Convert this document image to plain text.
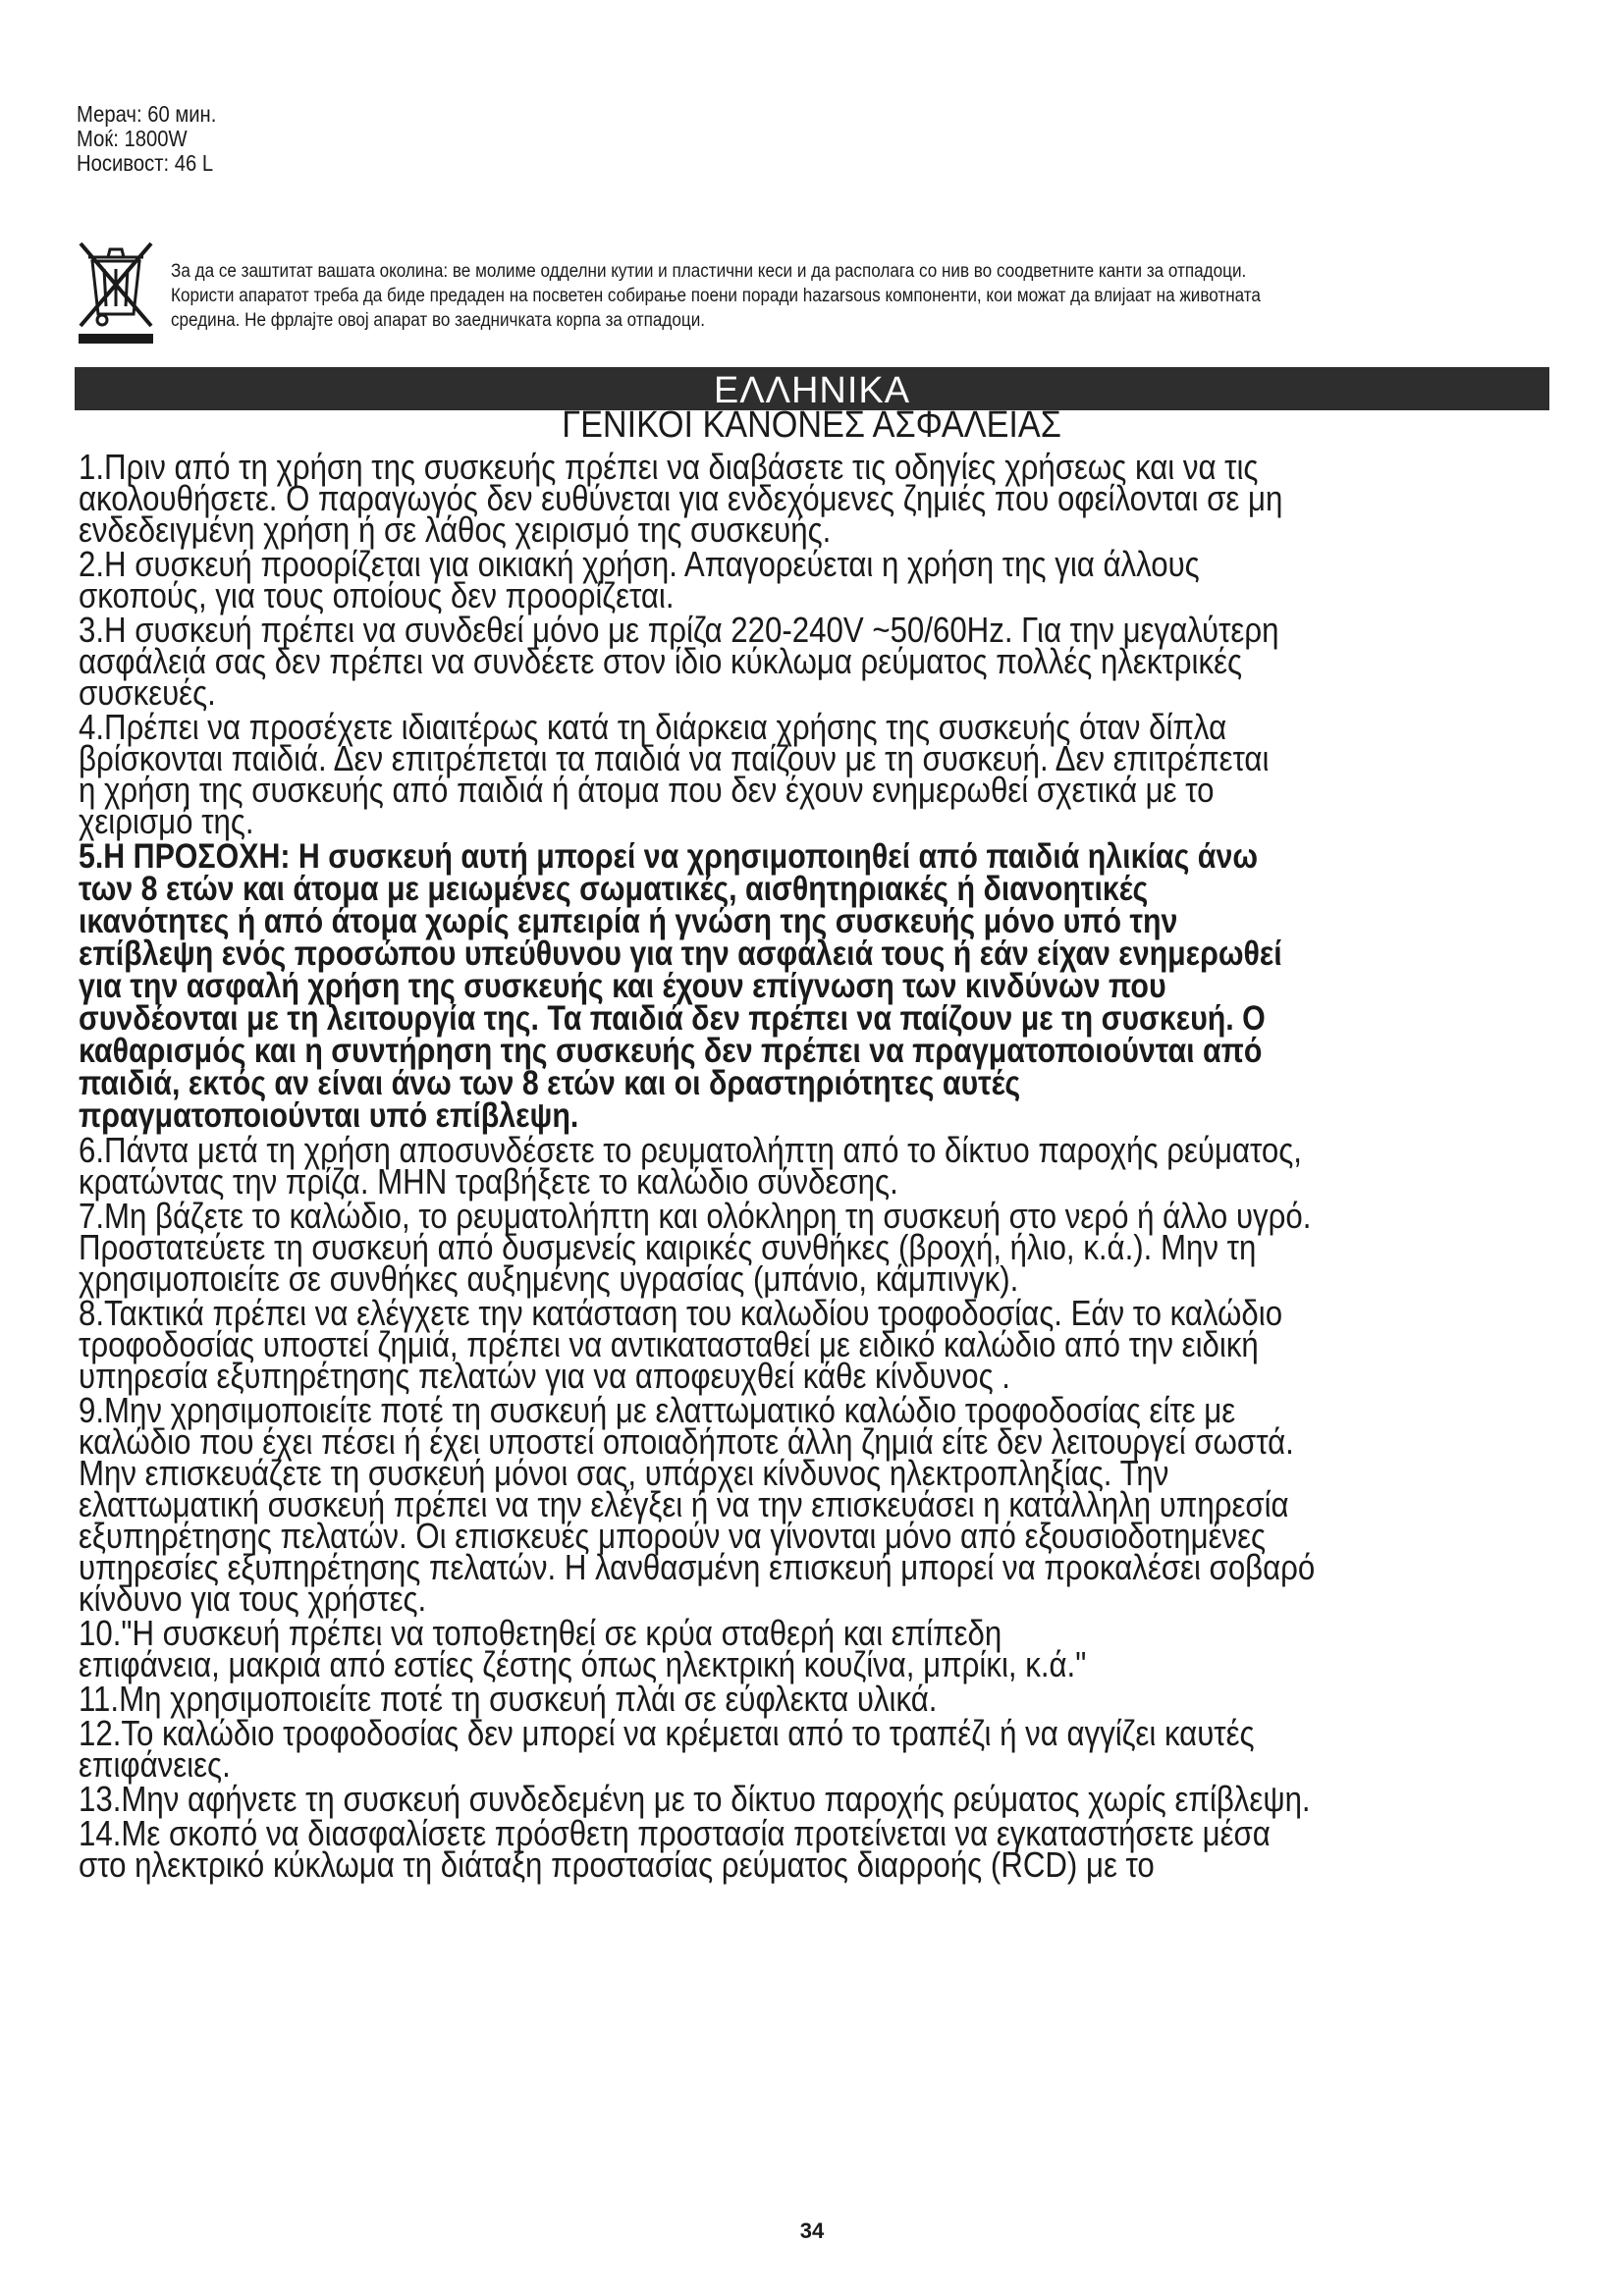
Мерач: 60 мин.
Моќ: 1800W
Носивост: 46 L
За да се заштитат вашата околина: ве молиме одделни кутии и пластични кеси и да располага со нив во соодветните канти за отпадоци.
Користи апаратот треба да биде предаден на посветен собирање поени поради hazarsous компоненти, кои можат да влијаат на животната
средина. Не фрлајте овој апарат во заедничката корпа за отпадоци.
ΕΛΛΗΝΙΚΑ
ΓΕΝΙΚΟΙ ΚΑΝΟΝΕΣ ΑΣΦΑΛΕΙΑΣ
1.Πριν από τη χρήση της συσκευής πρέπει να διαβάσετε τις οδηγίες χρήσεως και να τις
ακολουθήσετε. Ο παραγωγός δεν ευθύνεται για ενδεχόμενες ζημιές που οφείλονται σε μη
ενδεδειγμένη χρήση ή σε λάθος χειρισμό της συσκευής.
2.Η συσκευή προορίζεται για οικιακή χρήση. Απαγορεύεται η χρήση της για άλλους
σκοπούς, για τους οποίους δεν προορίζεται.
3.Η συσκευή πρέπει να συνδεθεί μόνο με πρίζα 220-240V ~50/60Hz. Για την μεγαλύτερη
ασφάλειά σας δεν πρέπει να συνδέετε στον ίδιο κύκλωμα ρεύματος πολλές ηλεκτρικές
συσκευές.
4.Πρέπει να προσέχετε ιδιαιτέρως κατά τη διάρκεια χρήσης της συσκευής όταν δίπλα
βρίσκονται παιδιά. Δεν επιτρέπεται τα παιδιά να παίζουν με τη συσκευή. Δεν επιτρέπεται
η χρήση της συσκευής από παιδιά ή άτομα που δεν έχουν ενημερωθεί σχετικά με το
χειρισμό της.
5.Η ΠΡΟΣΟΧΗ: Η συσκευή αυτή μπορεί να χρησιμοποιηθεί από παιδιά ηλικίας άνω
των 8 ετών και άτομα με μειωμένες σωματικές, αισθητηριακές ή διανοητικές
ικανότητες ή από άτομα χωρίς εμπειρία ή γνώση της συσκευής μόνο υπό την
επίβλεψη ενός προσώπου υπεύθυνου για την ασφάλειά τους ή εάν είχαν ενημερωθεί
για την ασφαλή χρήση της συσκευής και έχουν επίγνωση των κινδύνων που
συνδέονται με τη λειτουργία της. Τα παιδιά δεν πρέπει να παίζουν με τη συσκευή. Ο
καθαρισμός και η συντήρηση της συσκευής δεν πρέπει να πραγματοποιούνται από
παιδιά, εκτός αν είναι άνω των 8 ετών και οι δραστηριότητες αυτές
πραγματοποιούνται υπό επίβλεψη.
6.Πάντα μετά τη χρήση αποσυνδέσετε το ρευματολήπτη από το δίκτυο παροχής ρεύματος,
κρατώντας την πρίζα. ΜΗΝ τραβήξετε το καλώδιο σύνδεσης.
7.Μη βάζετε το καλώδιο, το ρευματολήπτη και ολόκληρη τη συσκευή στο νερό ή άλλο υγρό.
Προστατεύετε τη συσκευή από δυσμενείς καιρικές συνθήκες (βροχή, ήλιο, κ.ά.). Μην τη
χρησιμοποιείτε σε συνθήκες αυξημένης υγρασίας (μπάνιο, κάμπινγκ).
8.Τακτικά πρέπει να ελέγχετε την κατάσταση του καλωδίου τροφοδοσίας. Εάν το καλώδιο
τροφοδοσίας υποστεί ζημιά, πρέπει να αντικατασταθεί με ειδικό καλώδιο από την ειδική
υπηρεσία εξυπηρέτησης πελατών για να αποφευχθεί κάθε κίνδυνος .
9.Μην χρησιμοποιείτε ποτέ τη συσκευή με ελαττωματικό καλώδιο τροφοδοσίας είτε με
καλώδιο που έχει πέσει ή έχει υποστεί οποιαδήποτε άλλη ζημιά είτε δεν λειτουργεί σωστά.
Μην επισκευάζετε τη συσκευή μόνοι σας, υπάρχει κίνδυνος ηλεκτροπληξίας. Την
ελαττωματική συσκευή πρέπει να την ελέγξει ή να την επισκευάσει η κατάλληλη υπηρεσία
εξυπηρέτησης πελατών. Οι επισκευές μπορούν να γίνονται μόνο από εξουσιοδοτημένες
υπηρεσίες εξυπηρέτησης πελατών. Η λανθασμένη επισκευή μπορεί να προκαλέσει σοβαρό
κίνδυνο για τους χρήστες.
10."Η συσκευή πρέπει να τοποθετηθεί σε κρύα σταθερή και επίπεδη
επιφάνεια, μακριά από εστίες ζέστης όπως ηλεκτρική κουζίνα, μπρίκι, κ.ά."
11.Μη χρησιμοποιείτε ποτέ τη συσκευή πλάι σε εύφλεκτα υλικά.
12.Το καλώδιο τροφοδοσίας δεν μπορεί να κρέμεται από το τραπέζι ή να αγγίζει καυτές
επιφάνειες.
13.Μην αφήνετε τη συσκευή συνδεδεμένη με το δίκτυο παροχής ρεύματος χωρίς επίβλεψη.
14.Με σκοπό να διασφαλίσετε πρόσθετη προστασία προτείνεται να εγκαταστήσετε μέσα
στο ηλεκτρικό κύκλωμα τη διάταξη προστασίας ρεύματος διαρροής (RCD) με το
34
